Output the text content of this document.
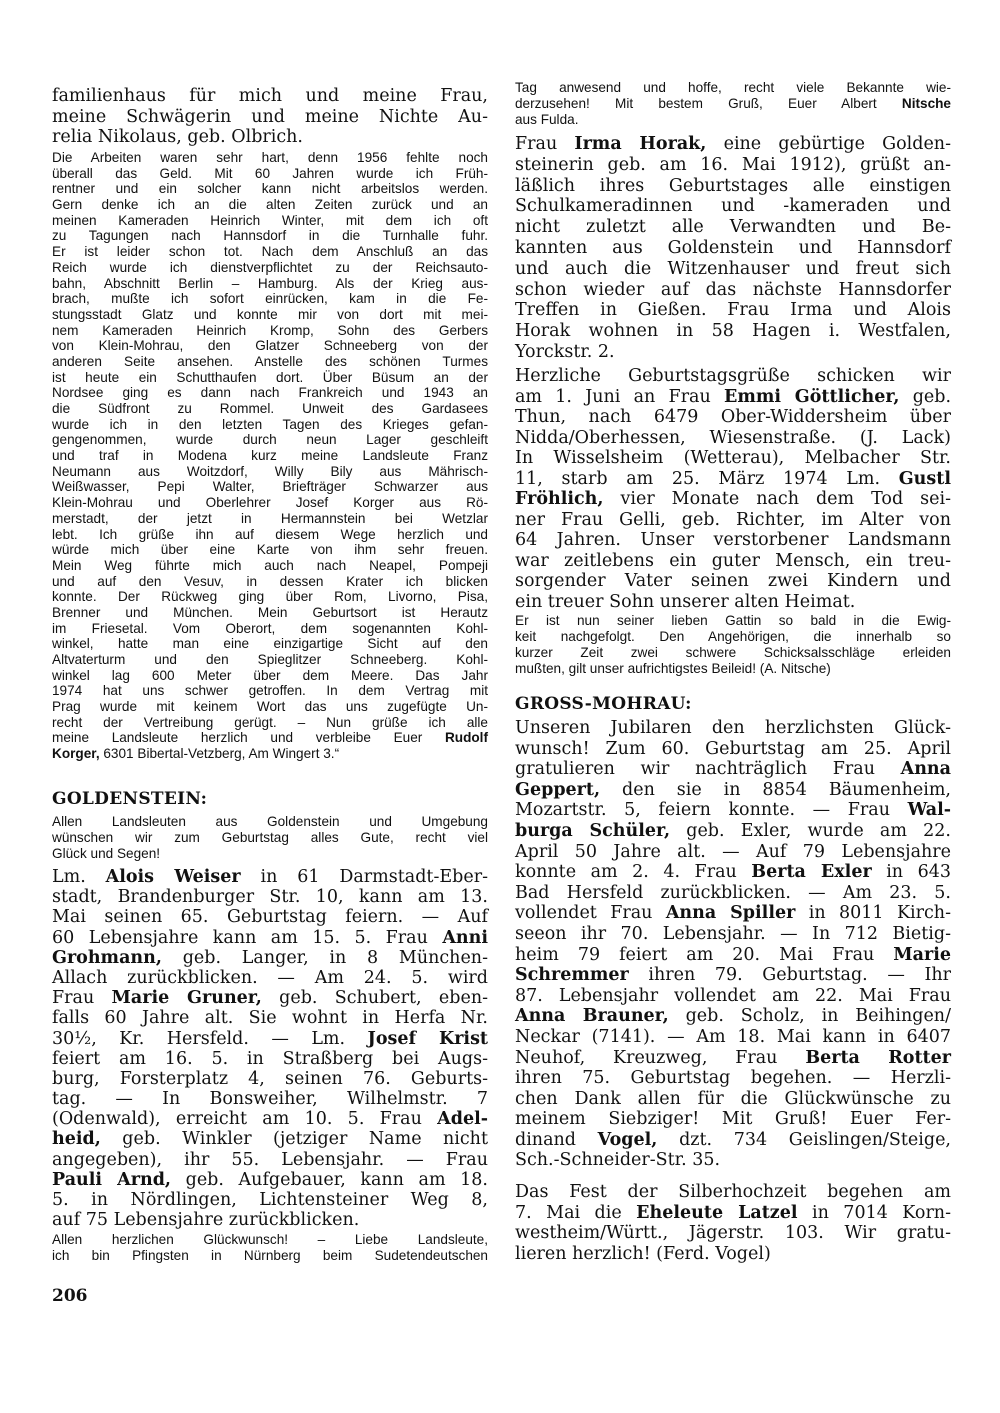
familienhaus für mich und meine Frau,
meine Schwägerin und meine Nichte Au-
relia Nikolaus, geb. Olbrich.
Die Arbeiten waren sehr hart, denn 1956 fehlte noch
überall das Geld. Mit 60 Jahren wurde ich Früh-
rentner und ein solcher kann nicht arbeitslos werden.
Gern denke ich an die alten Zeiten zurück und an
meinen Kameraden Heinrich Winter, mit dem ich oft
zu Tagungen nach Hannsdorf in die Turnhalle fuhr.
Er ist leider schon tot. Nach dem Anschluß an das
Reich wurde ich dienstverpflichtet zu der Reichsauto-
bahn, Abschnitt Berlin – Hamburg. Als der Krieg aus-
brach, mußte ich sofort einrücken, kam in die Fe-
stungsstadt Glatz und konnte mir von dort mit mei-
nem Kameraden Heinrich Kromp, Sohn des Gerbers
von Klein-Mohrau, den Glatzer Schneeberg von der
anderen Seite ansehen. Anstelle des schönen Turmes
ist heute ein Schutthaufen dort. Über Büsum an der
Nordsee ging es dann nach Frankreich und 1943 an
die Südfront zu Rommel. Unweit des Gardasees
wurde ich in den letzten Tagen des Krieges gefan-
gengenommen, wurde durch neun Lager geschleift
und traf in Modena kurz meine Landsleute Franz
Neumann aus Woitzdorf, Willy Bily aus Mährisch-
Weißwasser, Pepi Walter, Briefträger Schwarzer aus
Klein-Mohrau und Oberlehrer Josef Korger aus Rö-
merstadt, der jetzt in Hermannstein bei Wetzlar
lebt. Ich grüße ihn auf diesem Wege herzlich und
würde mich über eine Karte von ihm sehr freuen.
Mein Weg führte mich auch nach Neapel, Pompeji
und auf den Vesuv, in dessen Krater ich blicken
konnte. Der Rückweg ging über Rom, Livorno, Pisa,
Brenner und München. Mein Geburtsort ist Herautz
im Friesetal. Vom Oberort, dem sogenannten Kohl-
winkel, hatte man eine einzigartige Sicht auf den
Altvaterturm und den Spieglitzer Schneeberg. Kohl-
winkel lag 600 Meter über dem Meere. Das Jahr
1974 hat uns schwer getroffen. In dem Vertrag mit
Prag wurde mit keinem Wort das uns zugefügte Un-
recht der Vertreibung gerügt. – Nun grüße ich alle
meine Landsleute herzlich und verbleibe Euer Rudolf
Korger, 6301 Bibertal-Vetzberg, Am Wingert 3.“
GOLDENSTEIN:
Allen Landsleuten aus Goldenstein und Umgebung
wünschen wir zum Geburtstag alles Gute, recht viel
Glück und Segen!
Lm. Alois Weiser in 61 Darmstadt-Eber-
stadt, Brandenburger Str. 10, kann am 13.
Mai seinen 65. Geburtstag feiern. — Auf
60 Lebensjahre kann am 15. 5. Frau Anni
Grohmann, geb. Langer, in 8 München-
Allach zurückblicken. — Am 24. 5. wird
Frau Marie Gruner, geb. Schubert, eben-
falls 60 Jahre alt. Sie wohnt in Herfa Nr.
30½, Kr. Hersfeld. — Lm. Josef Krist
feiert am 16. 5. in Straßberg bei Augs-
burg, Forsterplatz 4, seinen 76. Geburts-
tag. — In Bonsweiher, Wilhelmstr. 7
(Odenwald), erreicht am 10. 5. Frau Adel-
heid, geb. Winkler (jetziger Name nicht
angegeben), ihr 55. Lebensjahr. — Frau
Pauli Arnd, geb. Aufgebauer, kann am 18.
5. in Nördlingen, Lichtensteiner Weg 8,
auf 75 Lebensjahre zurückblicken.
Allen herzlichen Glückwunsch! – Liebe Landsleute,
ich bin Pfingsten in Nürnberg beim Sudetendeutschen
206
Tag anwesend und hoffe, recht viele Bekannte wie-
derzusehen! Mit bestem Gruß, Euer Albert Nitsche
aus Fulda.
Frau Irma Horak, eine gebürtige Golden-
steinerin geb. am 16. Mai 1912), grüßt an-
läßlich ihres Geburtstages alle einstigen
Schulkameradinnen und -kameraden und
nicht zuletzt alle Verwandten und Be-
kannten aus Goldenstein und Hannsdorf
und auch die Witzenhauser und freut sich
schon wieder auf das nächste Hannsdorfer
Treffen in Gießen. Frau Irma und Alois
Horak wohnen in 58 Hagen i. Westfalen,
Yorckstr. 2.
Herzliche Geburtstagsgrüße schicken wir
am 1. Juni an Frau Emmi Göttlicher, geb.
Thun, nach 6479 Ober-Widdersheim über
Nidda/Oberhessen, Wiesenstraße. (J. Lack)
In Wisselsheim (Wetterau), Melbacher Str.
11, starb am 25. März 1974 Lm. Gustl
Fröhlich, vier Monate nach dem Tod sei-
ner Frau Gelli, geb. Richter, im Alter von
64 Jahren. Unser verstorbener Landsmann
war zeitlebens ein guter Mensch, ein treu-
sorgender Vater seinen zwei Kindern und
ein treuer Sohn unserer alten Heimat.
Er ist nun seiner lieben Gattin so bald in die Ewig-
keit nachgefolgt. Den Angehörigen, die innerhalb so
kurzer Zeit zwei schwere Schicksalsschläge erleiden
mußten, gilt unser aufrichtigstes Beileid! (A. Nitsche)
GROSS-MOHRAU:
Unseren Jubilaren den herzlichsten Glück-
wunsch! Zum 60. Geburtstag am 25. April
gratulieren wir nachträglich Frau Anna
Geppert, den sie in 8854 Bäumenheim,
Mozartstr. 5, feiern konnte. — Frau Wal-
burga Schüler, geb. Exler, wurde am 22.
April 50 Jahre alt. — Auf 79 Lebensjahre
konnte am 2. 4. Frau Berta Exler in 643
Bad Hersfeld zurückblicken. — Am 23. 5.
vollendet Frau Anna Spiller in 8011 Kirch-
seeon ihr 70. Lebensjahr. — In 712 Bietig-
heim 79 feiert am 20. Mai Frau Marie
Schremmer ihren 79. Geburtstag. — Ihr
87. Lebensjahr vollendet am 22. Mai Frau
Anna Brauner, geb. Scholz, in Beihingen/
Neckar (7141). — Am 18. Mai kann in 6407
Neuhof, Kreuzweg, Frau Berta Rotter
ihren 75. Geburtstag begehen. — Herzli-
chen Dank allen für die Glückwünsche zu
meinem Siebziger! Mit Gruß! Euer Fer-
dinand Vogel, dzt. 734 Geislingen/Steige,
Sch.-Schneider-Str. 35.
Das Fest der Silberhochzeit begehen am
7. Mai die Eheleute Latzel in 7014 Korn-
westheim/Württ., Jägerstr. 103. Wir gratu-
lieren herzlich! (Ferd. Vogel)
